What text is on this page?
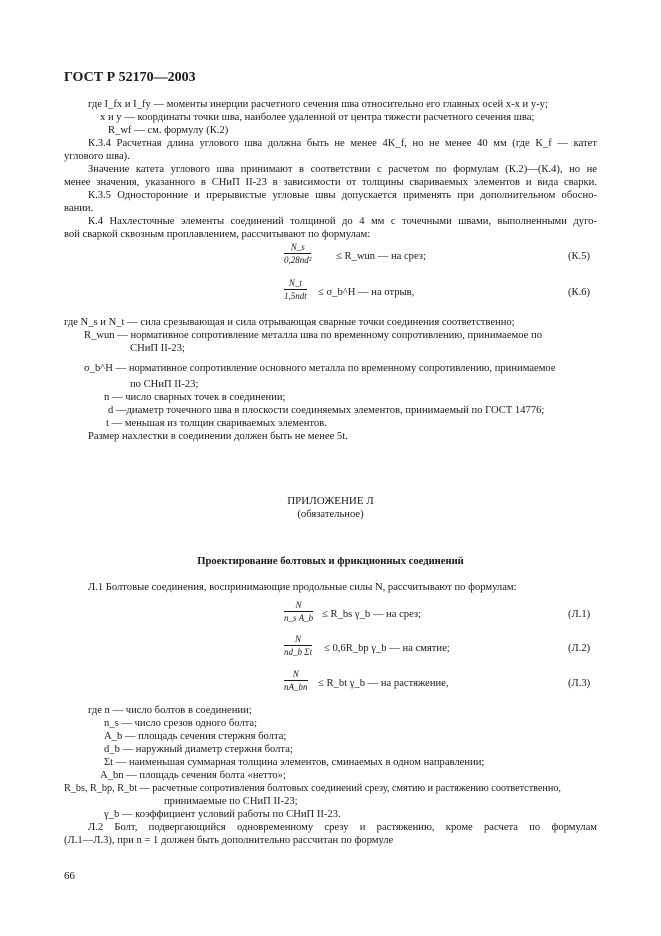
ГОСТ Р 52170—2003
где I_fx и I_fy — моменты инерции расчетного сечения шва относительно его главных осей x-x и y-y;
x и y — координаты точки шва, наиболее удаленной от центра тяжести расчетного сечения шва;
R_wf — см. формулу (К.2)
К.3.4 Расчетная длина углового шва должна быть не менее 4K_f, но не менее 40 мм (где K_f — катет
углового шва).
Значение катета углового шва принимают в соответствии с расчетом по формулам (К.2)—(К.4), но не
менее значения, указанного в СНиП II-23 в зависимости от толщины свариваемых элементов и вида сварки.
К.3.5 Односторонние и прерывистые угловые швы допускается применять при дополнительном обосно-
вании.
К.4 Нахлесточные элементы соединений толщиной до 4 мм с точечными швами, выполненными дуго-
вой сваркой сквозным проплавлением, рассчитывают по формулам:
$\frac{N\_s}{\text{0,28nd²}}$ ≤ R_wun — на срез;	(К.5)
N_t
1,5ndt ≤ σ_b^H — на отрыв,	(К.6)
где N_s и N_t — сила срезывающая и сила отрывающая сварные точки соединения соответственно;
R_wun — нормативное сопротивление металла шва по временному сопротивлению, принимаемое по
СНиП II-23;
σ_b^H — нормативное сопротивление основного металла по временному сопротивлению, принимаемое
по СНиП II-23;
n — число сварных точек в соединении;
d —диаметр точечного шва в плоскости соединяемых элементов, принимаемый по ГОСТ 14776;
t — меньшая из толщин свариваемых элементов.
Размер нахлестки в соединении должен быть не менее 5t.
ПРИЛОЖЕНИЕ Л
(обязательное)
Проектирование болтовых и фрикционных соединений
Л.1 Болтовые соединения, воспринимающие продольные силы N, рассчитывают по формулам:
$\frac{N}{\text{n\_s A\_b}}$ ≤ R_bs γ_b — на срез;	(Л.1)
$\frac{N}{\text{nd\_b Σt}}$ ≤ 0,6R_bp γ_b — на смятие;	(Л.2)
$\frac{N}{nA\_bn}$ ≤ R_bt γ_b — на растяжение,	(Л.3)
где n — число болтов в соединении;
n_s — число срезов одного болта;
A_b — площадь сечения стержня болта;
d_b — наружный диаметр стержня болта;
Σt — наименьшая суммарная толщина элементов, сминаемых в одном направлении;
A_bn — площадь сечения болта «нетто»;
R_bs, R_bp, R_bt — расчетные сопротивления болтовых соединений срезу, смятию и растяжению соответственно,
принимаемые по СНиП II-23;
γ_b — коэффициент условий работы по СНиП II-23.
Л.2 Болт, подвергающийся одновременному срезу и растяжению, кроме расчета по формулам
(Л.1—Л.3), при n = 1 должен быть дополнительно рассчитан по формуле
66
